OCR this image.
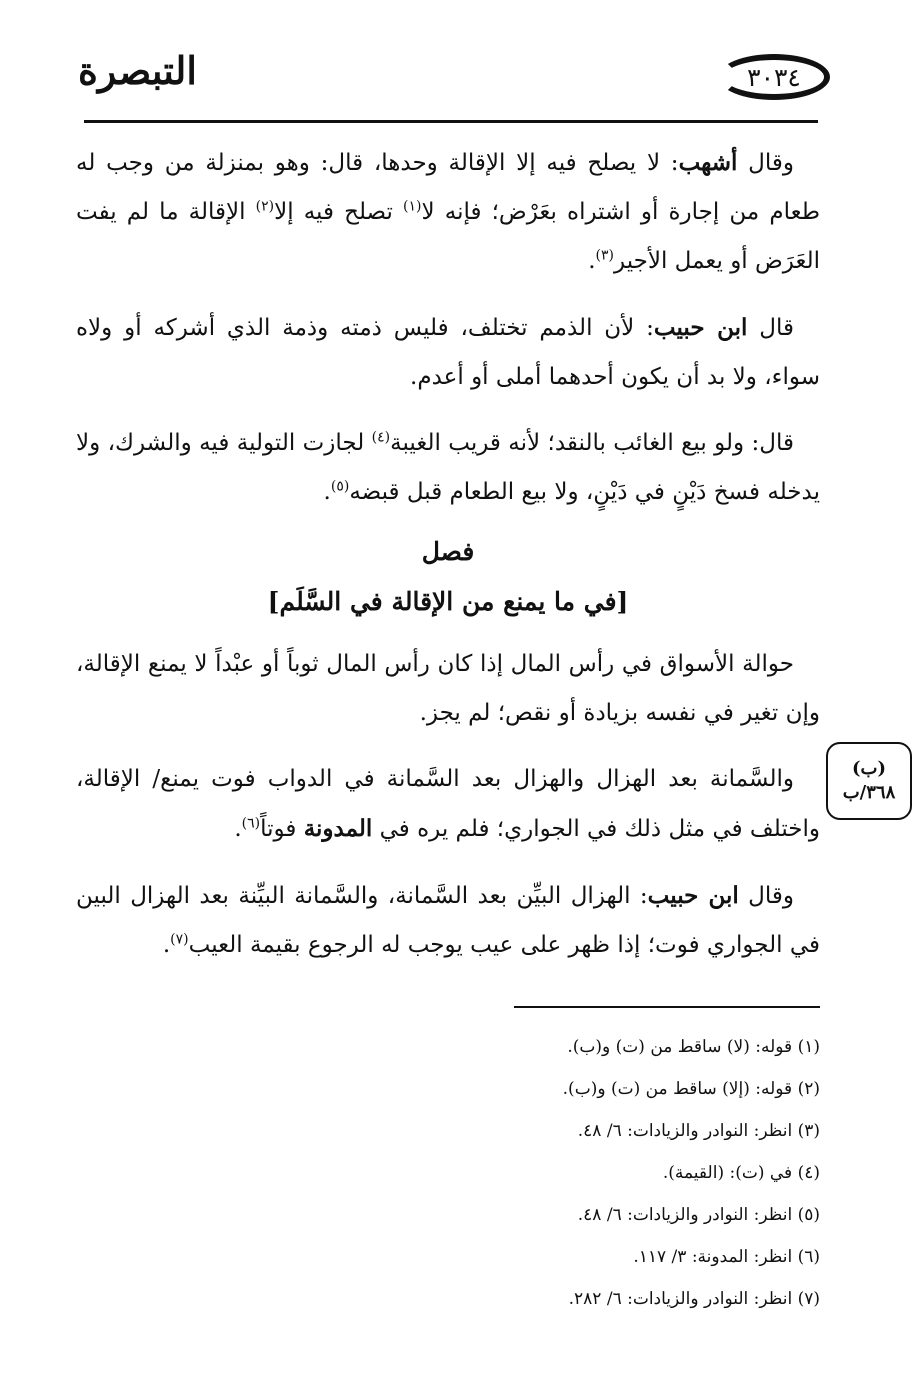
٣٠٣٤
التبصرة

وقال أشهب: لا يصلح فيه إلا الإقالة وحدها، قال: وهو بمنزلة من وجب له طعام من إجارة أو اشتراه بعَرْض؛ فإنه لا$^{(١)}$ تصلح فيه إلا$^{(٢)}$ الإقالة ما لم يفت العَرَض أو يعمل الأجير$^{(٣)}$.

قال ابن حبيب: لأن الذمم تختلف، فليس ذمته وذمة الذي أشركه أو ولاه سواء، ولا بد أن يكون أحدهما أملى أو أعدم.

قال: ولو بيع الغائب بالنقد؛ لأنه قريب الغيبة$^{(٤)}$ لجازت التولية فيه والشرك، ولا يدخله فسخ دَيْنٍ في دَيْنٍ، ولا بيع الطعام قبل قبضه$^{(٥)}$.

فصل
[في ما يمنع من الإقالة في السَّلَم]

حوالة الأسواق في رأس المال إذا كان رأس المال ثوباً أو عبْداً لا يمنع الإقالة، وإن تغير في نفسه بزيادة أو نقص؛ لم يجز.

والسَّمانة بعد الهزال والهزال بعد السَّمانة في الدواب فوت يمنع/ الإقالة، واختلف في مثل ذلك في الجواري؛ فلم يره في المدونة فوتاً$^{(٦)}$.

وقال ابن حبيب: الهزال البيِّن بعد السَّمانة، والسَّمانة البيِّنة بعد الهزال البين في الجواري فوت؛ إذا ظهر على عيب يوجب له الرجوع بقيمة العيب$^{(٧)}$.

(ب)
٣٦٨/ب
(١) قوله: (لا) ساقط من (ت) و(ب).
(٢) قوله: (إلا) ساقط من (ت) و(ب).
(٣) انظر: النوادر والزيادات: ٦/ ٤٨.
(٤) في (ت): (القيمة).
(٥) انظر: النوادر والزيادات: ٦/ ٤٨.
(٦) انظر: المدونة: ٣/ ١١٧.
(٧) انظر: النوادر والزيادات: ٦/ ٢٨٢.
